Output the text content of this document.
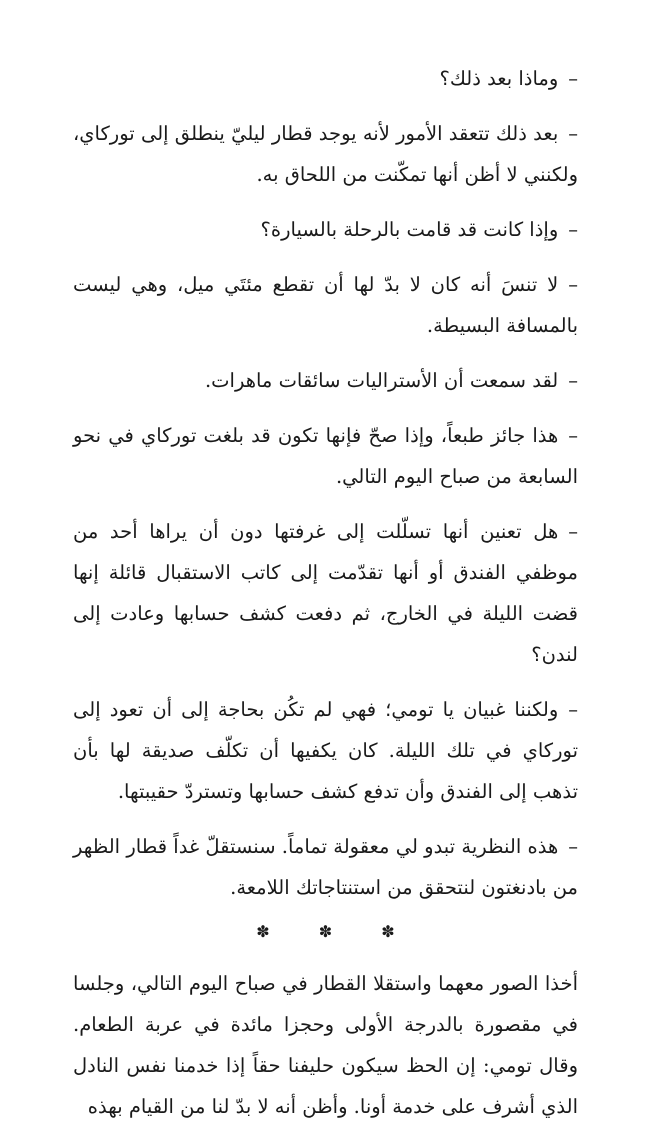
–وماذا بعد ذلك؟

–بعد ذلك تتعقد الأمور لأنه يوجد قطار ليليّ ينطلق إلى توركاي، ولكنني لا أظن أنها تمكّنت من اللحاق به.

–وإذا كانت قد قامت بالرحلة بالسيارة؟

–لا تنسَ أنه كان لا بدّ لها أن تقطع مئتَي ميل، وهي ليست بالمسافة البسيطة.

–لقد سمعت أن الأستراليات سائقات ماهرات.

–هذا جائز طبعاً، وإذا صحّ فإنها تكون قد بلغت توركاي في نحو السابعة من صباح اليوم التالي.

–هل تعنين أنها تسلّلت إلى غرفتها دون أن يراها أحد من موظفي الفندق أو أنها تقدّمت إلى كاتب الاستقبال قائلة إنها قضت الليلة في الخارج، ثم دفعت كشف حسابها وعادت إلى لندن؟

–ولكننا غبيان يا تومي؛ فهي لم تكُن بحاجة إلى أن تعود إلى توركاي في تلك الليلة. كان يكفيها أن تكلّف صديقة لها بأن تذهب إلى الفندق وأن تدفع كشف حسابها وتستردّ حقيبتها.

–هذه النظرية تبدو لي معقولة تماماً. سنستقلّ غداً قطار الظهر من بادنغتون لنتحقق من استنتاجاتك اللامعة.

✽ ✽ ✽

أخذا الصور معهما واستقلا القطار في صباح اليوم التالي، وجلسا في مقصورة بالدرجة الأولى وحجزا مائدة في عربة الطعام. وقال تومي: إن الحظ سيكون حليفنا حقاً إذا خدمنا نفس النادل الذي أشرف على خدمة أونا. وأظن أنه لا بدّ لنا من القيام بهذه
